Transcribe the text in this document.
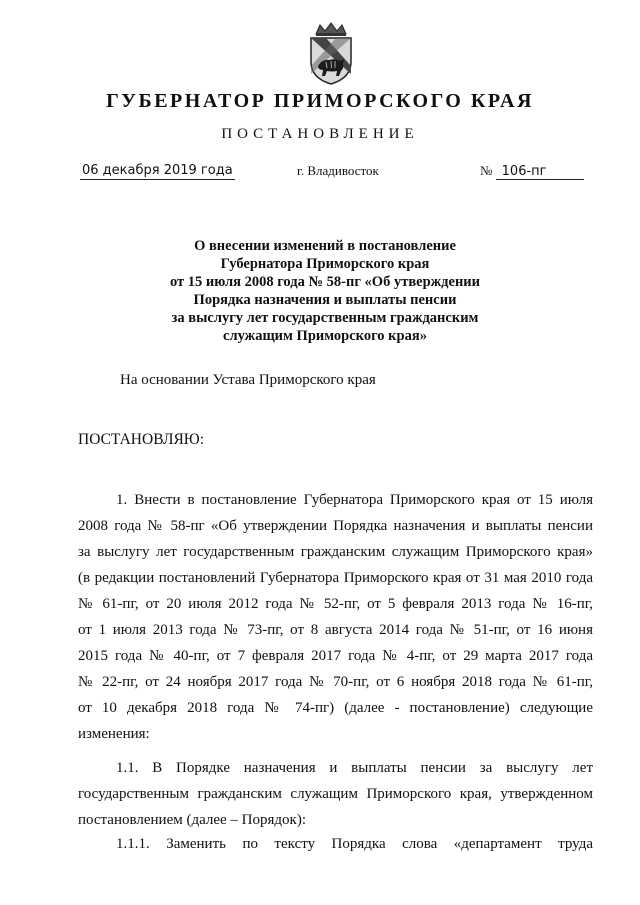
ГУБЕРНАТОР ПРИМОРСКОГО КРАЯ
ПОСТАНОВЛЕНИЕ
06 декабря 2019 года	г. Владивосток	№ 106-пг
О внесении изменений в постановление
Губернатора Приморского края
от 15 июля 2008 года № 58-пг «Об утверждении
Порядка назначения и выплаты пенсии
за выслугу лет государственным гражданским
служащим Приморского края»
На основании Устава Приморского края
ПОСТАНОВЛЯЮ:
1. Внести в постановление Губернатора Приморского края от 15 июля
2008 года № 58-пг «Об утверждении Порядка назначения и выплаты пенсии
за выслугу лет государственным гражданским служащим Приморского края»
(в редакции постановлений Губернатора Приморского края от 31 мая 2010 года
№ 61-пг, от 20 июля 2012 года № 52-пг, от 5 февраля 2013 года № 16-пг,
от 1 июля 2013 года № 73-пг, от 8 августа 2014 года № 51-пг, от 16 июня
2015 года № 40-пг, от 7 февраля 2017 года № 4-пг, от 29 марта 2017 года
№ 22-пг, от 24 ноября 2017 года № 70-пг, от 6 ноября 2018 года № 61-пг,
от 10 декабря 2018 года № 74-пг) (далее - постановление) следующие
изменения:
1.1. В Порядке назначения и выплаты пенсии за выслугу лет
государственным гражданским служащим Приморского края, утвержденном
постановлением (далее – Порядок):
1.1.1. Заменить по тексту Порядка слова «департамент труда
